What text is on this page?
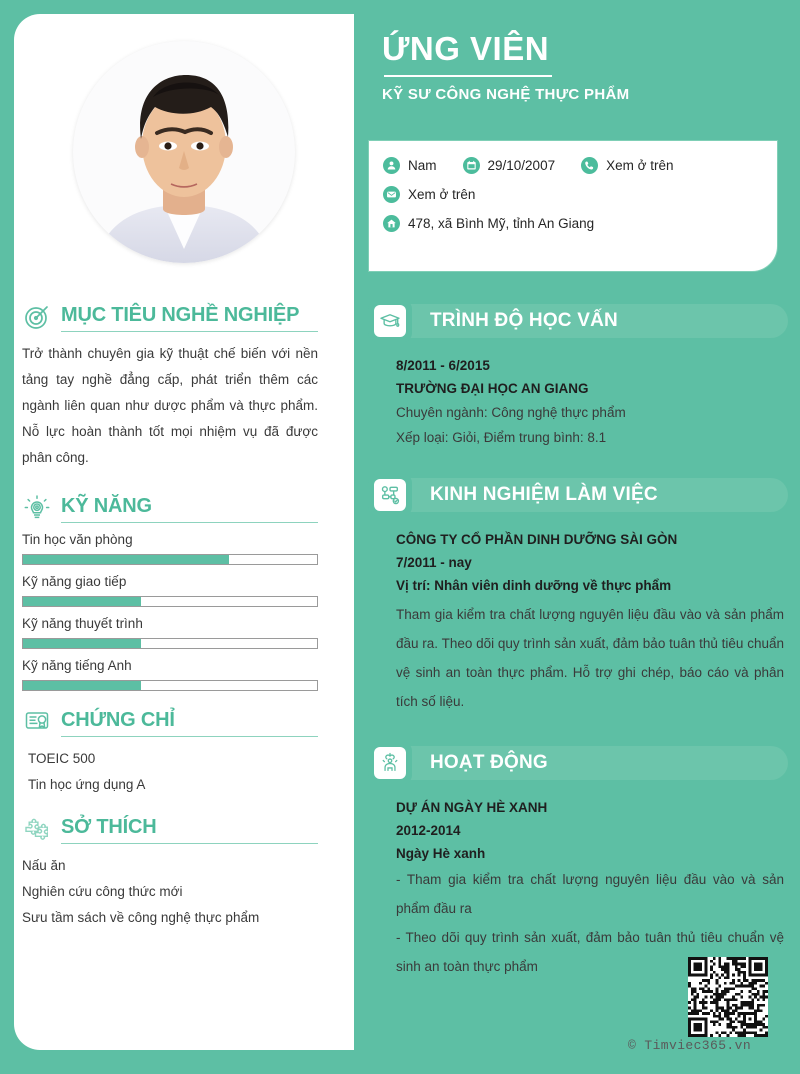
MỤC TIÊU NGHỀ NGHIỆP
Trở thành chuyên gia kỹ thuật chế biến với nền tảng tay nghề đẳng cấp, phát triển thêm các ngành liên quan như dược phẩm và thực phẩm. Nỗ lực hoàn thành tốt mọi nhiệm vụ đã được phân công.
KỸ NĂNG
Tin học văn phòng
Kỹ năng giao tiếp
Kỹ năng thuyết trình
Kỹ năng tiếng Anh
CHỨNG CHỈ
TOEIC 500
Tin học ứng dụng A
SỞ THÍCH
Nấu ăn
Nghiên cứu công thức mới
Sưu tầm sách về công nghệ thực phẩm
ỨNG VIÊN
KỸ SƯ CÔNG NGHỆ THỰC PHẨM
Nam	29/10/2007	Xem ở trên
Xem ở trên
478, xã Bình Mỹ, tỉnh An Giang
TRÌNH ĐỘ HỌC VẤN
8/2011 - 6/2015
TRƯỜNG ĐẠI HỌC AN GIANG
Chuyên ngành: Công nghệ thực phẩm
Xếp loại: Giỏi, Điểm trung bình: 8.1
KINH NGHIỆM LÀM VIỆC
CÔNG TY CỔ PHẦN DINH DƯỠNG SÀI GÒN
7/2011 - nay
Vị trí: Nhân viên dinh dưỡng về thực phẩm
Tham gia kiểm tra chất lượng nguyên liệu đầu vào và sản phẩm đầu ra. Theo dõi quy trình sản xuất, đảm bảo tuân thủ tiêu chuẩn vệ sinh an toàn thực phẩm. Hỗ trợ ghi chép, báo cáo và phân tích số liệu.
HOẠT ĐỘNG
DỰ ÁN NGÀY HÈ XANH
2012-2014
Ngày Hè xanh
- Tham gia kiểm tra chất lượng nguyên liệu đầu vào và sản phẩm đầu ra
- Theo dõi quy trình sản xuất, đảm bảo tuân thủ tiêu chuẩn vệ sinh an toàn thực phẩm
© Timviec365.vn
